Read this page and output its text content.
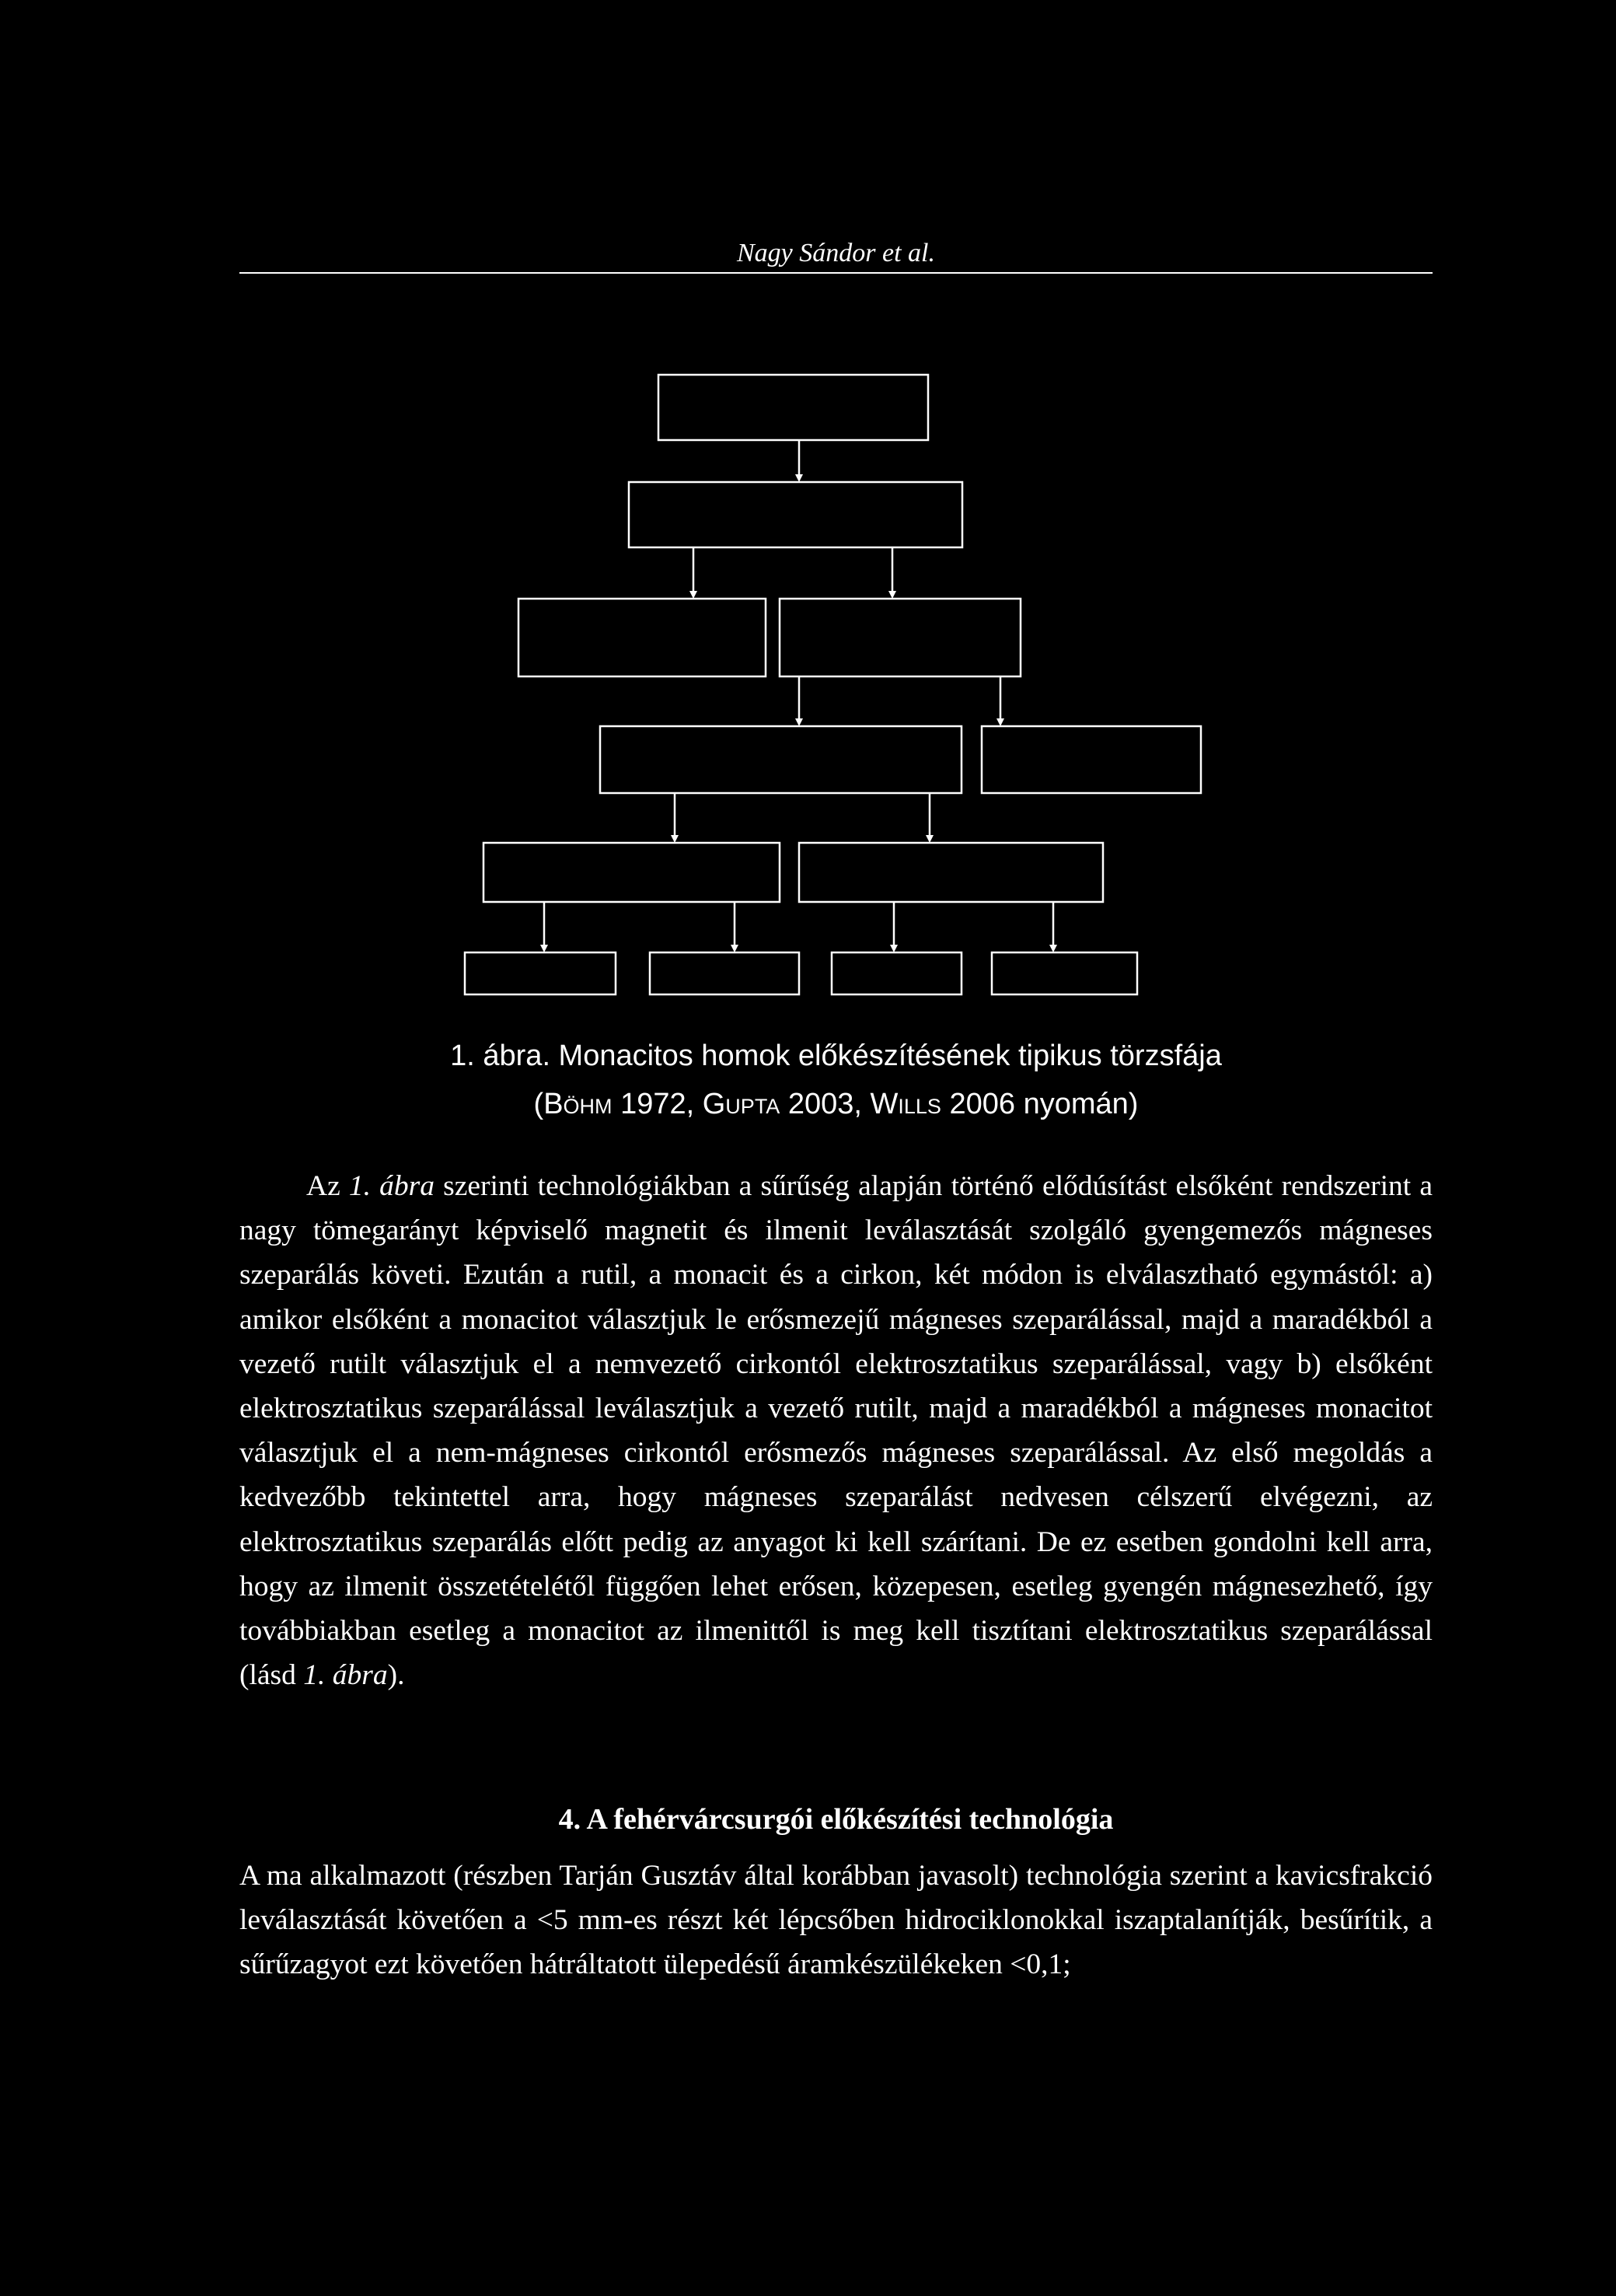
Nagy Sándor et al.
1. ábra. Monacitos homok előkészítésének tipikus törzsfája
(Böhm 1972, Gupta 2003, Wills 2006 nyomán)
Az 1. ábra szerinti technológiákban a sűrűség alapján történő elődúsítást elsőként rendszerint a nagy tömegarányt képviselő magnetit és ilmenit leválasztását szolgáló gyengemezős mágneses szeparálás követi. Ezután a rutil, a monacit és a cirkon, két módon is elválasztható egymástól: a) amikor elsőként a monacitot választjuk le erősmezejű mágneses szeparálással, majd a maradékból a vezető rutilt választjuk el a nemvezető cirkontól elektrosztatikus szeparálással, vagy b) elsőként elektrosztatikus szeparálással leválasztjuk a vezető rutilt, majd a maradékból a mágneses monacitot választjuk el a nem-mágneses cirkontól erősmezős mágneses szeparálással. Az első megoldás a kedvezőbb tekintettel arra, hogy mágneses szeparálást nedvesen célszerű elvégezni, az elektrosztatikus szeparálás előtt pedig az anyagot ki kell szárítani. De ez esetben gondolni kell arra, hogy az ilmenit összetételétől függően lehet erősen, közepesen, esetleg gyengén mágnesezhető, így továbbiakban esetleg a monacitot az ilmenittől is meg kell tisztítani elektrosztatikus szeparálással (lásd 1. ábra).
4. A fehérvárcsurgói előkészítési technológia
A ma alkalmazott (részben Tarján Gusztáv által korábban javasolt) technológia szerint a kavicsfrakció leválasztását követően a <5 mm-es részt két lépcsőben hidrociklonokkal iszaptalanítják, besűrítik, a sűrűzagyot ezt követően hátráltatott ülepedésű áramkészülékeken <0,1;
